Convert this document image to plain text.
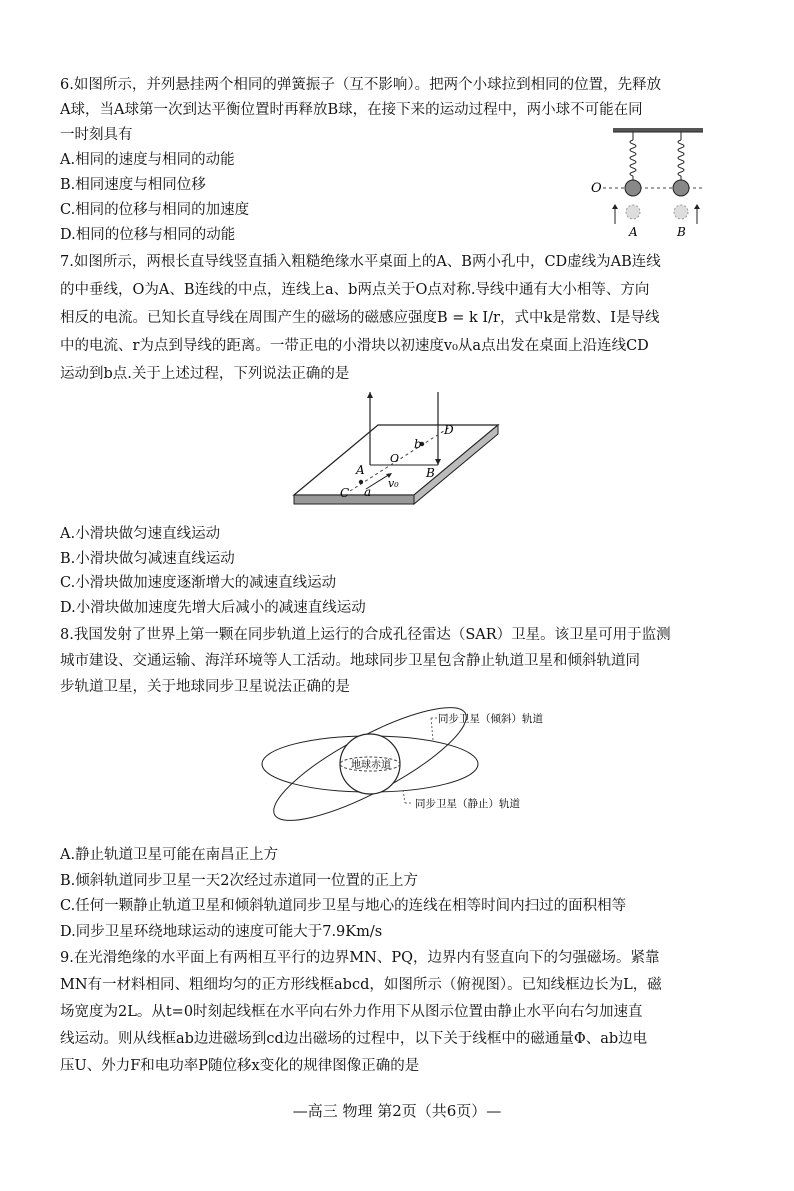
6.如图所示，并列悬挂两个相同的弹簧振子（互不影响）。把两个小球拉到相同的位置，先释放
A球，当A球第一次到达平衡位置时再释放B球，在接下来的运动过程中，两小球不可能在同
一时刻具有
A.相同的速度与相同的动能
B.相同速度与相同位移
C.相同的位移与相同的加速度
D.相同的位移与相同的动能
O
A	B
7.如图所示，两根长直导线竖直插入粗糙绝缘水平桌面上的A、B两小孔中，CD虚线为AB连线
的中垂线，O为A、B连线的中点，连线上a、b两点关于O点对称.导线中通有大小相等、方向
相反的电流。已知长直导线在周围产生的磁场的磁感应强度B = k I/r，式中k是常数、I是导线
中的电流、r为点到导线的距离。一带正电的小滑块以初速度v₀从a点出发在桌面上沿连线CD
运动到b点.关于上述过程，下列说法正确的是
A	B
C
D
O
a
b
v₀
A.小滑块做匀速直线运动
B.小滑块做匀减速直线运动
C.小滑块做加速度逐渐增大的减速直线运动
D.小滑块做加速度先增大后减小的减速直线运动
8.我国发射了世界上第一颗在同步轨道上运行的合成孔径雷达（SAR）卫星。该卫星可用于监测
城市建设、交通运输、海洋环境等人工活动。地球同步卫星包含静止轨道卫星和倾斜轨道同
步轨道卫星，关于地球同步卫星说法正确的是
地球赤道
同步卫星（倾斜）轨道
同步卫星（静止）轨道
A.静止轨道卫星可能在南昌正上方
B.倾斜轨道同步卫星一天2次经过赤道同一位置的正上方
C.任何一颗静止轨道卫星和倾斜轨道同步卫星与地心的连线在相等时间内扫过的面积相等
D.同步卫星环绕地球运动的速度可能大于7.9Km/s
9.在光滑绝缘的水平面上有两相互平行的边界MN、PQ，边界内有竖直向下的匀强磁场。紧靠
MN有一材料相同、粗细均匀的正方形线框abcd，如图所示（俯视图）。已知线框边长为L，磁
场宽度为2L。从t=0时刻起线框在水平向右外力作用下从图示位置由静止水平向右匀加速直
线运动。则从线框ab边进磁场到cd边出磁场的过程中，以下关于线框中的磁通量Φ、ab边电
压U、外力F和电功率P随位移x变化的规律图像正确的是
—高三 物理 第2页（共6页）—
